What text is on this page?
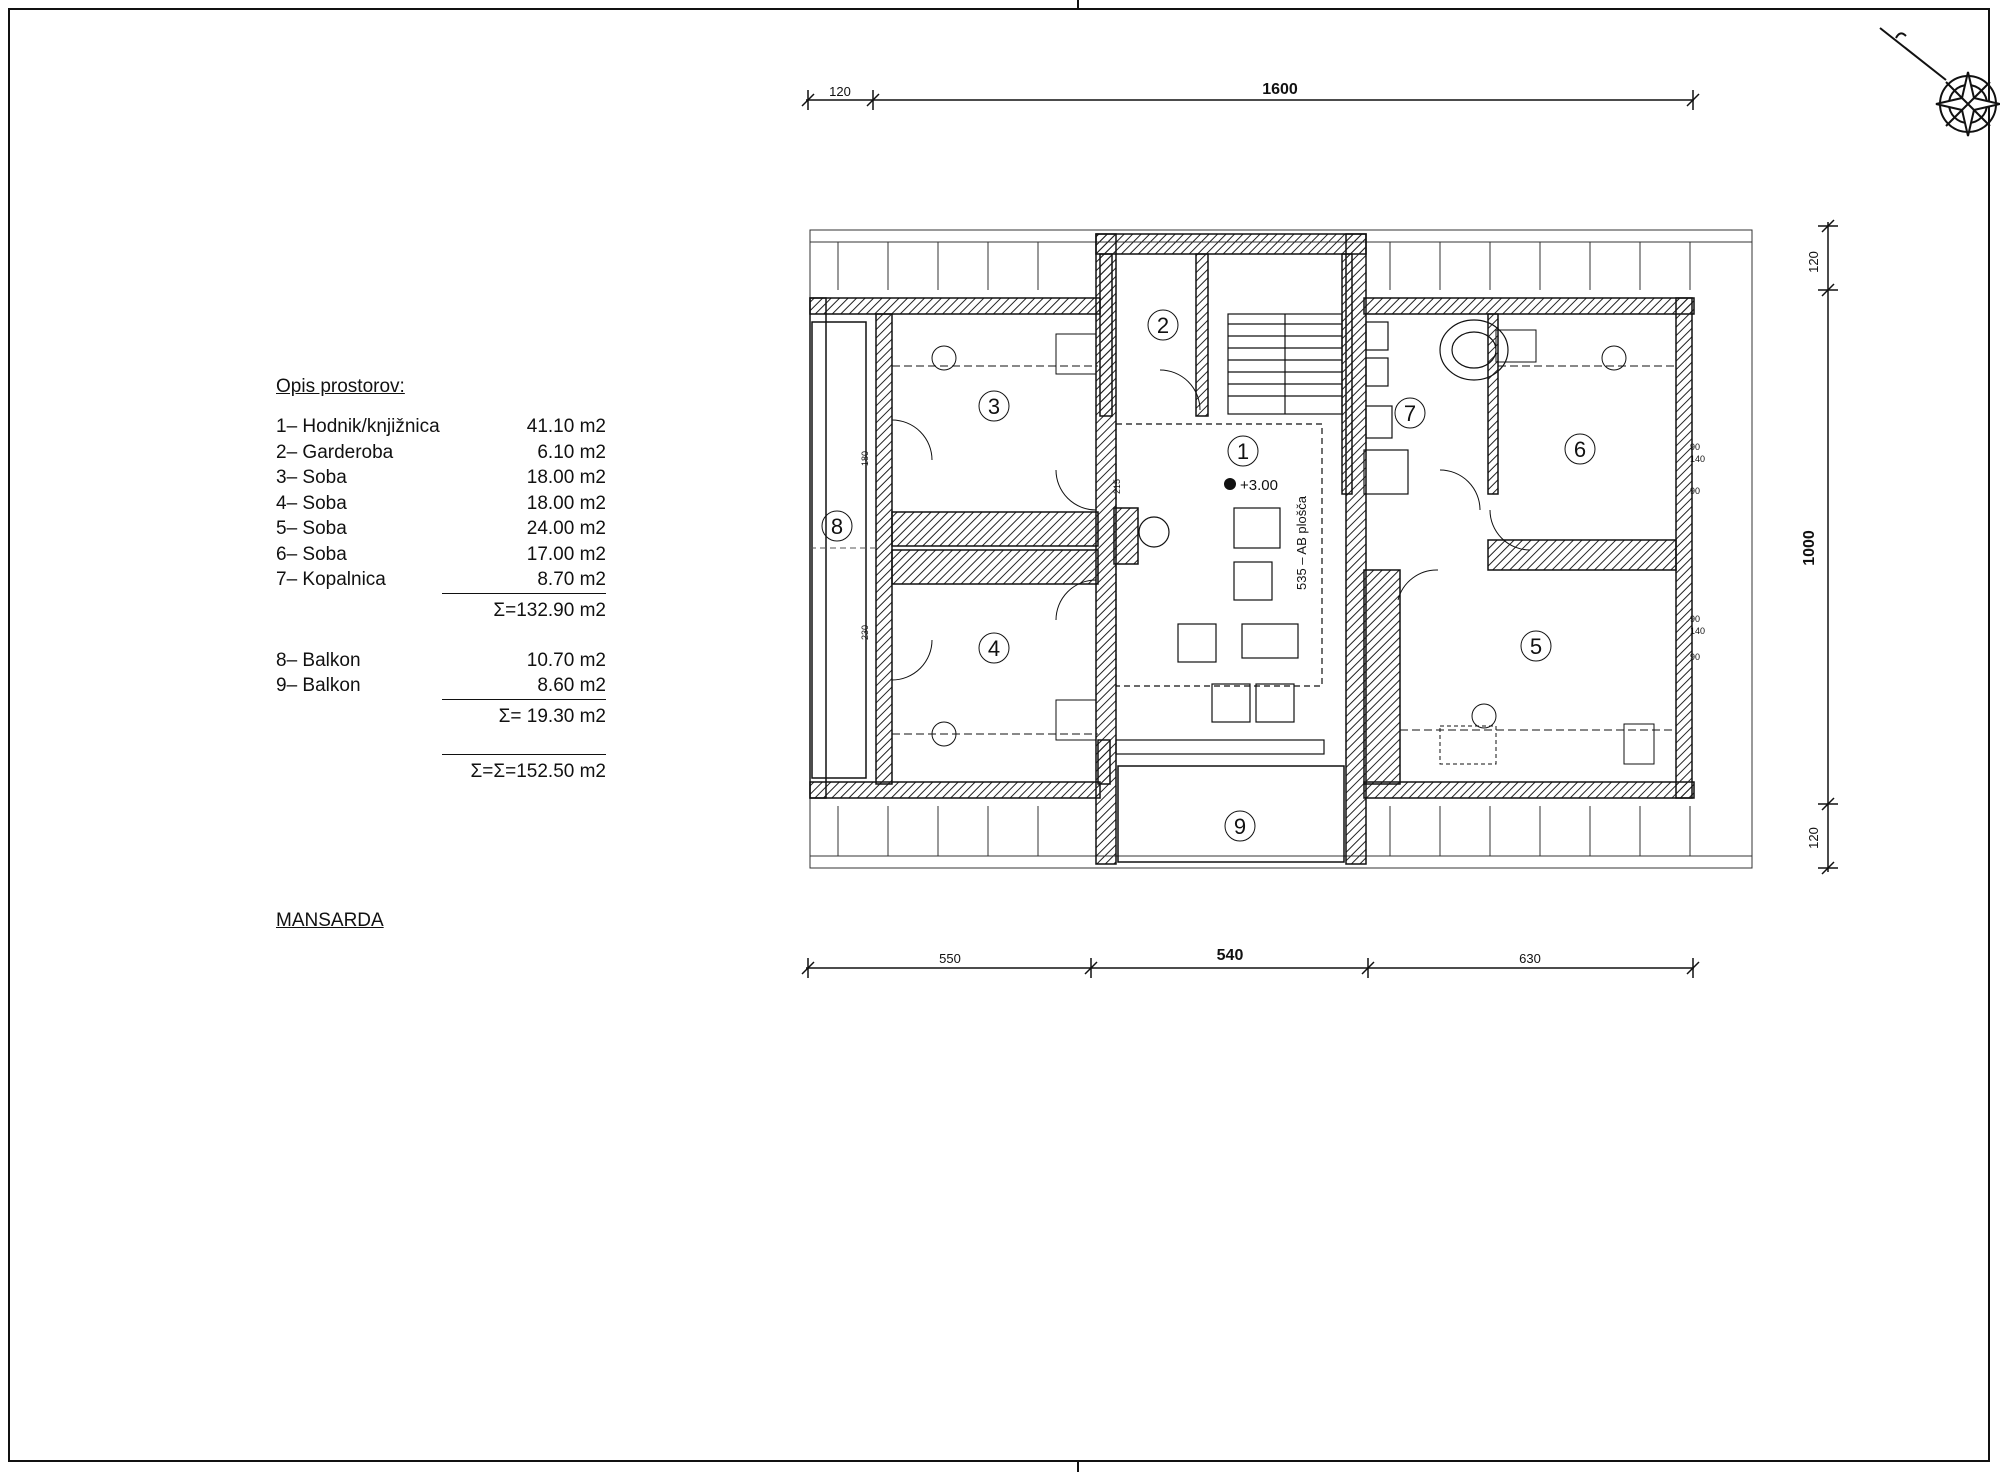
Opis prostorov:
1– Hodnik/knjižnica	41.10 m2
2– Garderoba	6.10 m2
3– Soba	18.00 m2
4– Soba	18.00 m2
5– Soba	24.00 m2
6– Soba	17.00 m2
7– Kopalnica	8.70 m2
Σ=132.90 m2
8– Balkon	10.70 m2
9– Balkon	8.60 m2
Σ= 19.30 m2
Σ=Σ=152.50 m2
MANSARDA
120	1600
550	540	630
120
1000
120
180
230
90
90
90
90
215
140
140
+3.00
535 – AB plošča
1
2
3
4	5
6
7
8
9
